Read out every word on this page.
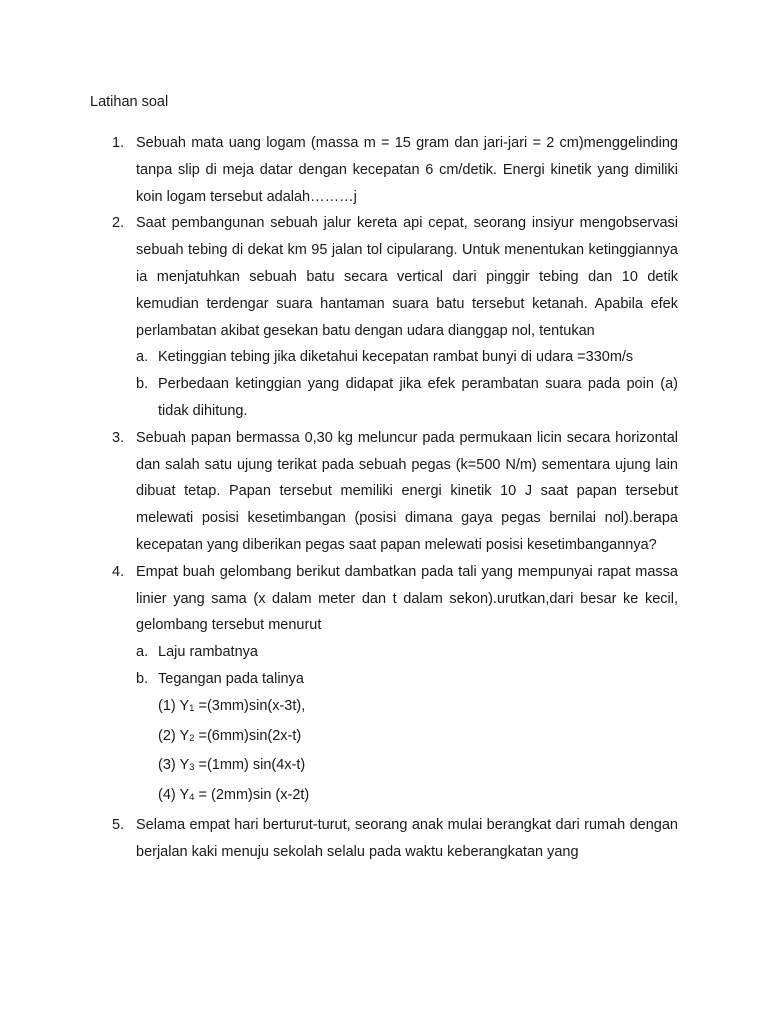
Latihan soal
1. Sebuah mata uang logam (massa m = 15 gram dan jari-jari = 2 cm)menggelinding tanpa slip di meja datar dengan kecepatan 6 cm/detik. Energi kinetik yang dimiliki koin logam tersebut adalah………j
2. Saat pembangunan sebuah jalur kereta api cepat, seorang insiyur mengobservasi sebuah tebing di dekat km 95 jalan tol cipularang. Untuk menentukan ketinggiannya ia menjatuhkan sebuah batu secara vertical dari pinggir tebing dan 10 detik kemudian terdengar suara hantaman suara batu tersebut ketanah. Apabila efek perlambatan akibat gesekan batu dengan udara dianggap nol, tentukan
a. Ketinggian tebing jika diketahui kecepatan rambat bunyi di udara =330m/s
b. Perbedaan ketinggian yang didapat jika efek perambatan suara pada poin (a) tidak dihitung.
3. Sebuah papan bermassa 0,30 kg meluncur pada permukaan licin secara horizontal dan salah satu ujung terikat pada sebuah pegas (k=500 N/m) sementara ujung lain dibuat tetap. Papan tersebut memiliki energi kinetik 10 J saat papan tersebut melewati posisi kesetimbangan (posisi dimana gaya pegas bernilai nol).berapa kecepatan yang diberikan pegas saat papan melewati posisi kesetimbangannya?
4. Empat buah gelombang berikut dambatkan pada tali yang mempunyai rapat massa linier yang sama (x dalam meter dan t dalam sekon).urutkan,dari besar ke kecil, gelombang tersebut menurut
a. Laju rambatnya
b. Tegangan pada talinya
(1) $Y_1 =(3mm)\sin(x-3t)$,
(2) $Y_2 =(6mm)\sin(2x-t)$
(3) $Y_3 =(1mm)$ sin(4x-t)
(4) $Y_4 = (2mm)\sin$ (x-2t)
5. Selama empat hari berturut-turut, seorang anak mulai berangkat dari rumah dengan berjalan kaki menuju sekolah selalu pada waktu keberangkatan yang
